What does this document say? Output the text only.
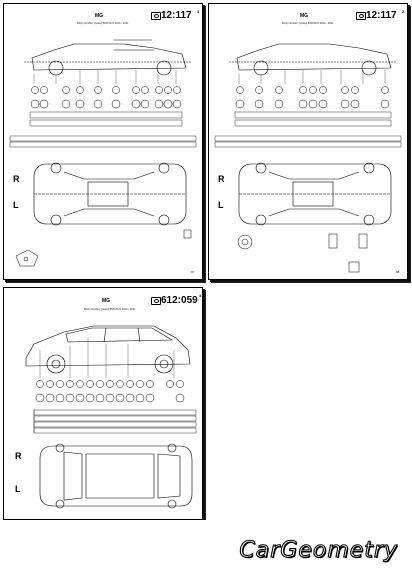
MG
Body Number: [Index] 5DR/SUV 2016 - 2021
12:117 1
R
L
97
MG
Body Number: [Index] 5DR/SUV 2016 - 2021
12:117 2
R
L
98
MG
Body Number: [Index] 5DR/SUV 2016 - 2021
612:059 4
R
L
CarGeometry
